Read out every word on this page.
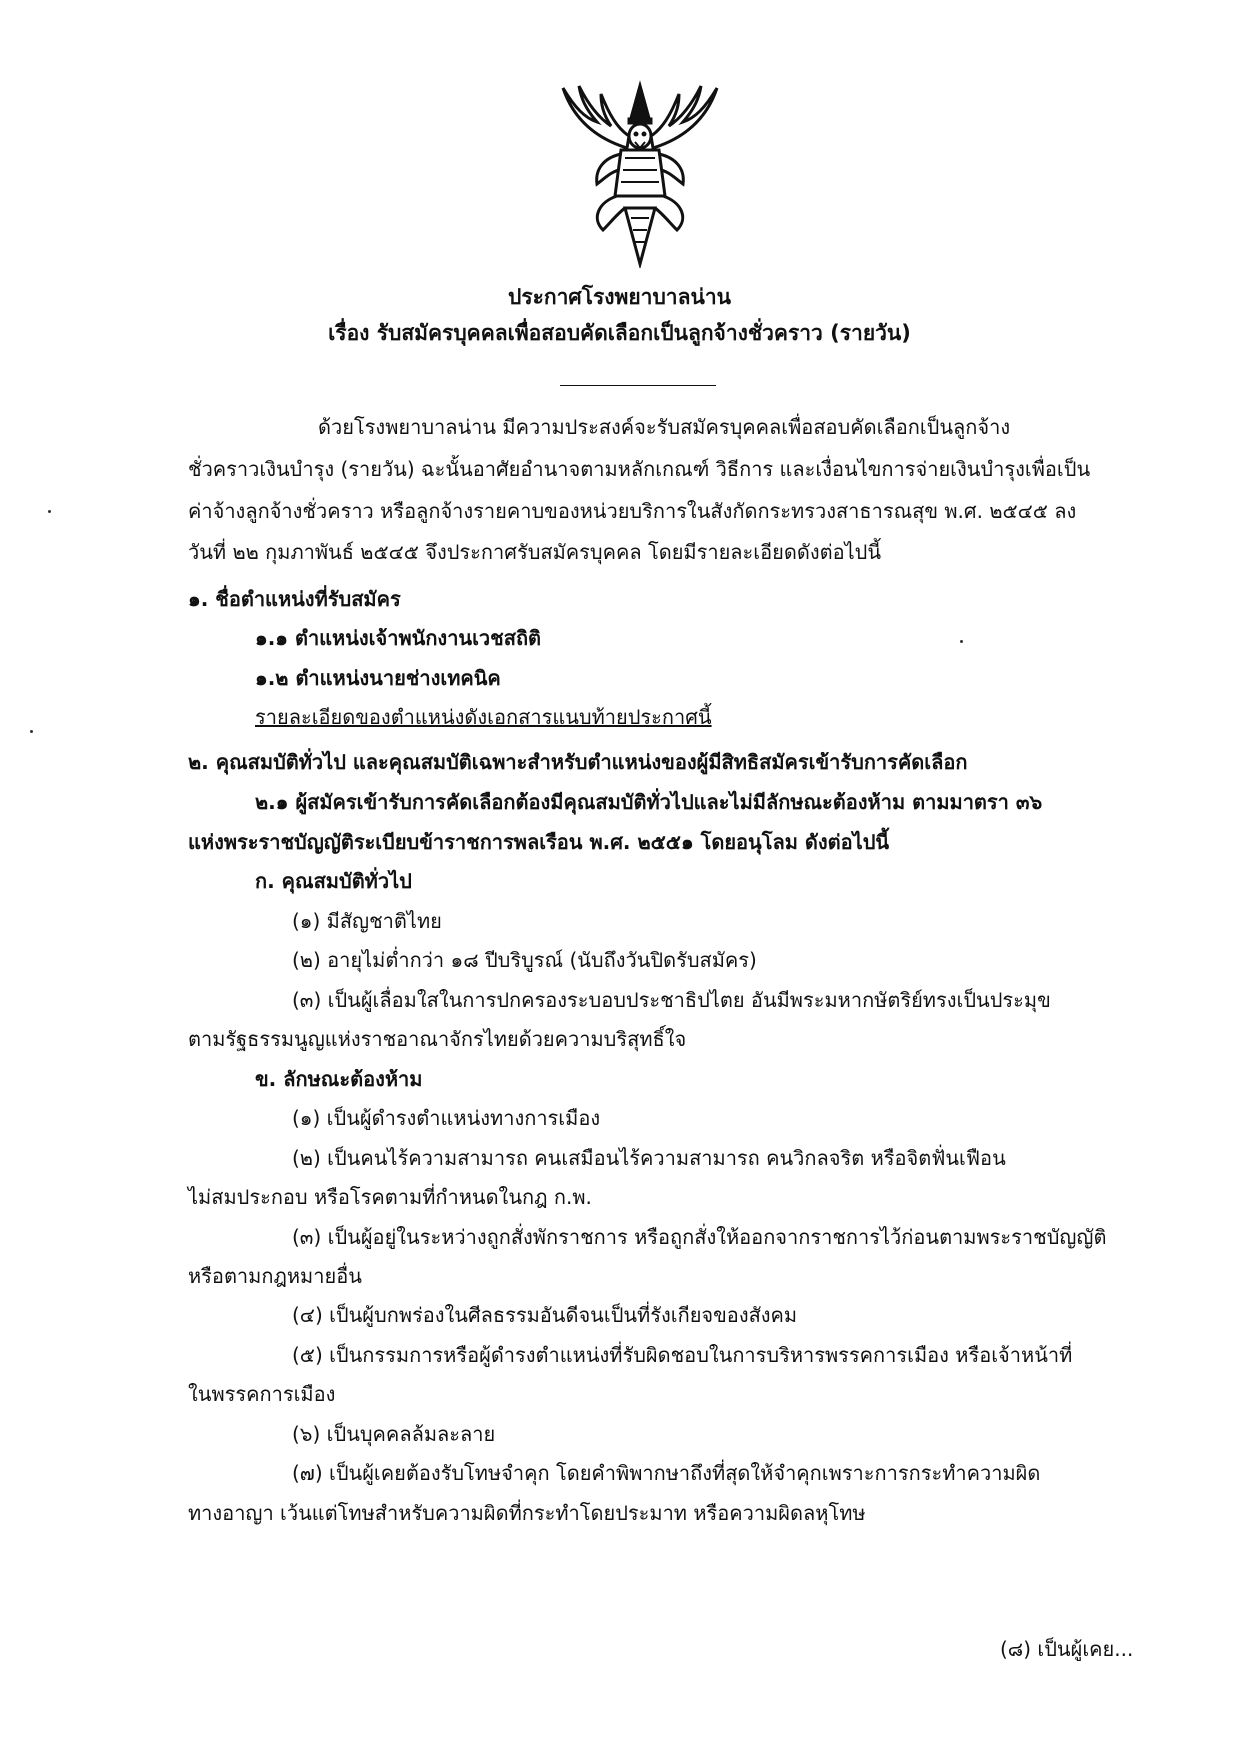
ประกาศโรงพยาบาลน่าน
เรื่อง รับสมัครบุคคลเพื่อสอบคัดเลือกเป็นลูกจ้างชั่วคราว (รายวัน)
ด้วยโรงพยาบาลน่าน มีความประสงค์จะรับสมัครบุคคลเพื่อสอบคัดเลือกเป็นลูกจ้าง
ชั่วคราวเงินบำรุง (รายวัน) ฉะนั้นอาศัยอำนาจตามหลักเกณฑ์ วิธีการ และเงื่อนไขการจ่ายเงินบำรุงเพื่อเป็น
ค่าจ้างลูกจ้างชั่วคราว หรือลูกจ้างรายคาบของหน่วยบริการในสังกัดกระทรวงสาธารณสุข พ.ศ. ๒๕๔๕ ลง
วันที่ ๒๒ กุมภาพันธ์ ๒๕๔๕ จึงประกาศรับสมัครบุคคล โดยมีรายละเอียดดังต่อไปนี้
๑. ชื่อตำแหน่งที่รับสมัคร
๑.๑ ตำแหน่งเจ้าพนักงานเวชสถิติ
๑.๒ ตำแหน่งนายช่างเทคนิค
รายละเอียดของตำแหน่งดังเอกสารแนบท้ายประกาศนี้
๒. คุณสมบัติทั่วไป และคุณสมบัติเฉพาะสำหรับตำแหน่งของผู้มีสิทธิสมัครเข้ารับการคัดเลือก
๒.๑ ผู้สมัครเข้ารับการคัดเลือกต้องมีคุณสมบัติทั่วไปและไม่มีลักษณะต้องห้าม ตามมาตรา ๓๖
แห่งพระราชบัญญัติระเบียบข้าราชการพลเรือน พ.ศ. ๒๕๕๑ โดยอนุโลม ดังต่อไปนี้
ก. คุณสมบัติทั่วไป
(๑) มีสัญชาติไทย
(๒) อายุไม่ต่ำกว่า ๑๘ ปีบริบูรณ์ (นับถึงวันปิดรับสมัคร)
(๓) เป็นผู้เลื่อมใสในการปกครองระบอบประชาธิปไตย อันมีพระมหากษัตริย์ทรงเป็นประมุข
ตามรัฐธรรมนูญแห่งราชอาณาจักรไทยด้วยความบริสุทธิ์ใจ
ข. ลักษณะต้องห้าม
(๑) เป็นผู้ดำรงตำแหน่งทางการเมือง
(๒) เป็นคนไร้ความสามารถ คนเสมือนไร้ความสามารถ คนวิกลจริต หรือจิตฟั่นเฟือน
ไม่สมประกอบ หรือโรคตามที่กำหนดในกฎ ก.พ.
(๓) เป็นผู้อยู่ในระหว่างถูกสั่งพักราชการ หรือถูกสั่งให้ออกจากราชการไว้ก่อนตามพระราชบัญญัติ
หรือตามกฎหมายอื่น
(๔) เป็นผู้บกพร่องในศีลธรรมอันดีจนเป็นที่รังเกียจของสังคม
(๕) เป็นกรรมการหรือผู้ดำรงตำแหน่งที่รับผิดชอบในการบริหารพรรคการเมือง หรือเจ้าหน้าที่
ในพรรคการเมือง
(๖) เป็นบุคคลล้มละลาย
(๗) เป็นผู้เคยต้องรับโทษจำคุก โดยคำพิพากษาถึงที่สุดให้จำคุกเพราะการกระทำความผิด
ทางอาญา เว้นแต่โทษสำหรับความผิดที่กระทำโดยประมาท หรือความผิดลหุโทษ
(๘) เป็นผู้เคย...
